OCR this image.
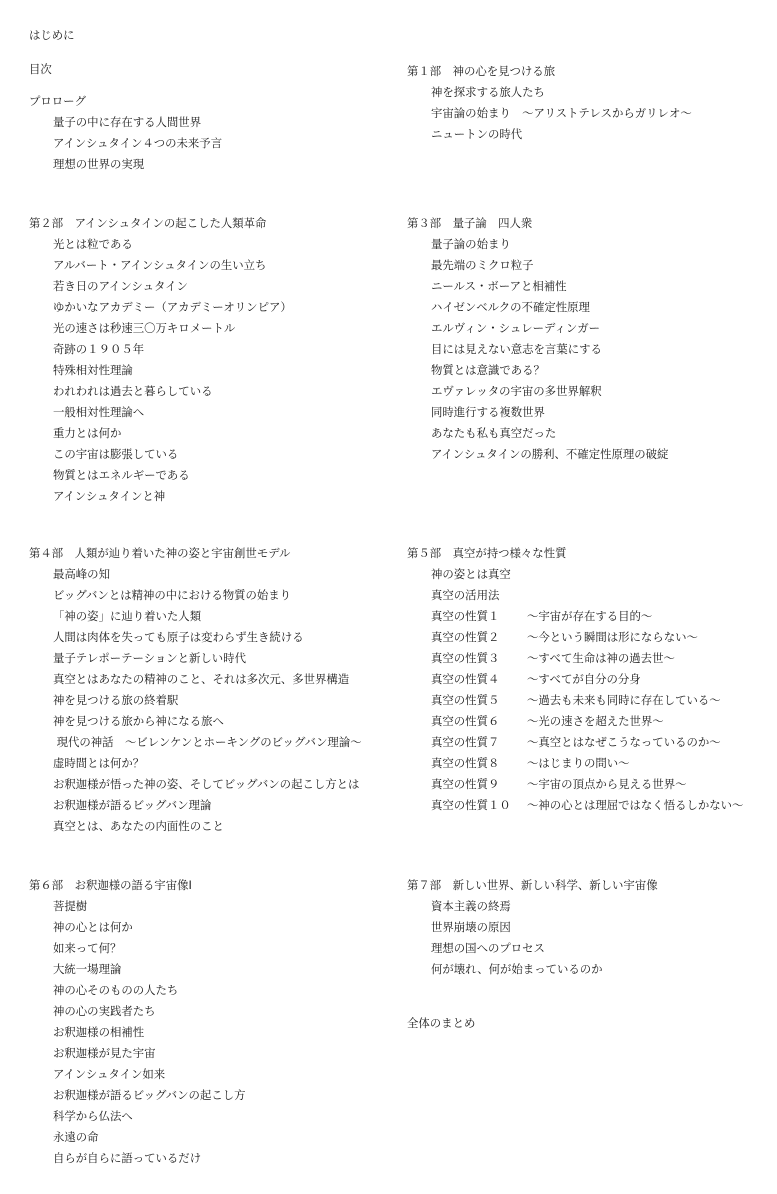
はじめに
目次
プロローグ
量子の中に存在する人間世界
アインシュタイン４つの未来予言
理想の世界の実現
第１部　神の心を見つける旅
神を探求する旅人たち
宇宙論の始まり　～アリストテレスからガリレオ～
ニュートンの時代
第２部　アインシュタインの起こした人類革命
光とは粒である
アルバート・アインシュタインの生い立ち
若き日のアインシュタイン
ゆかいなアカデミー（アカデミーオリンピア）
光の速さは秒速三〇万キロメートル
奇跡の１９０５年
特殊相対性理論
われわれは過去と暮らしている
一般相対性理論へ
重力とは何か
この宇宙は膨張している
物質とはエネルギーである
アインシュタインと神
第３部　量子論　四人衆
量子論の始まり
最先端のミクロ粒子
ニールス・ボーアと相補性
ハイゼンベルクの不確定性原理
エルヴィン・シュレーディンガー
目には見えない意志を言葉にする
物質とは意識である？
エヴァレッタの宇宙の多世界解釈
同時進行する複数世界
あなたも私も真空だった
アインシュタインの勝利、不確定性原理の破綻
第４部　人類が辿り着いた神の姿と宇宙創世モデル
最高峰の知
ビッグバンとは精神の中における物質の始まり
「神の姿」に辿り着いた人類
人間は肉体を失っても原子は変わらず生き続ける
量子テレポーテーションと新しい時代
真空とはあなたの精神のこと、それは多次元、多世界構造
神を見つける旅の終着駅
神を見つける旅から神になる旅へ
現代の神話　～ビレンケンとホーキングのビッグバン理論～
虚時間とは何か？
お釈迦様が悟った神の姿、そしてビッグバンの起こし方とは
お釈迦様が語るビッグバン理論
真空とは、あなたの内面性のこと
第５部　真空が持つ様々な性質
神の姿とは真空
真空の活用法
真空の性質１ ～宇宙が存在する目的～
真空の性質２ ～今という瞬間は形にならない～
真空の性質３ ～すべて生命は神の過去世～
真空の性質４ ～すべてが自分の分身
真空の性質５ ～過去も未来も同時に存在している～
真空の性質６ ～光の速さを超えた世界～
真空の性質７ ～真空とはなぜこうなっているのか～
真空の性質８ ～はじまりの問い～
真空の性質９ ～宇宙の頂点から見える世界～
真空の性質１０ ～神の心とは理屈ではなく悟るしかない～
第６部　お釈迦様の語る宇宙像Ⅰ
菩提樹
神の心とは何か
如来って何？
大統一場理論
神の心そのものの人たち
神の心の実践者たち
お釈迦様の相補性
お釈迦様が見た宇宙
アインシュタイン如来
お釈迦様が語るビッグバンの起こし方
科学から仏法へ
永遠の命
自らが自らに語っているだけ
第７部　新しい世界、新しい科学、新しい宇宙像
資本主義の終焉
世界崩壊の原因
理想の国へのプロセス
何が壊れ、何が始まっているのか
全体のまとめ
